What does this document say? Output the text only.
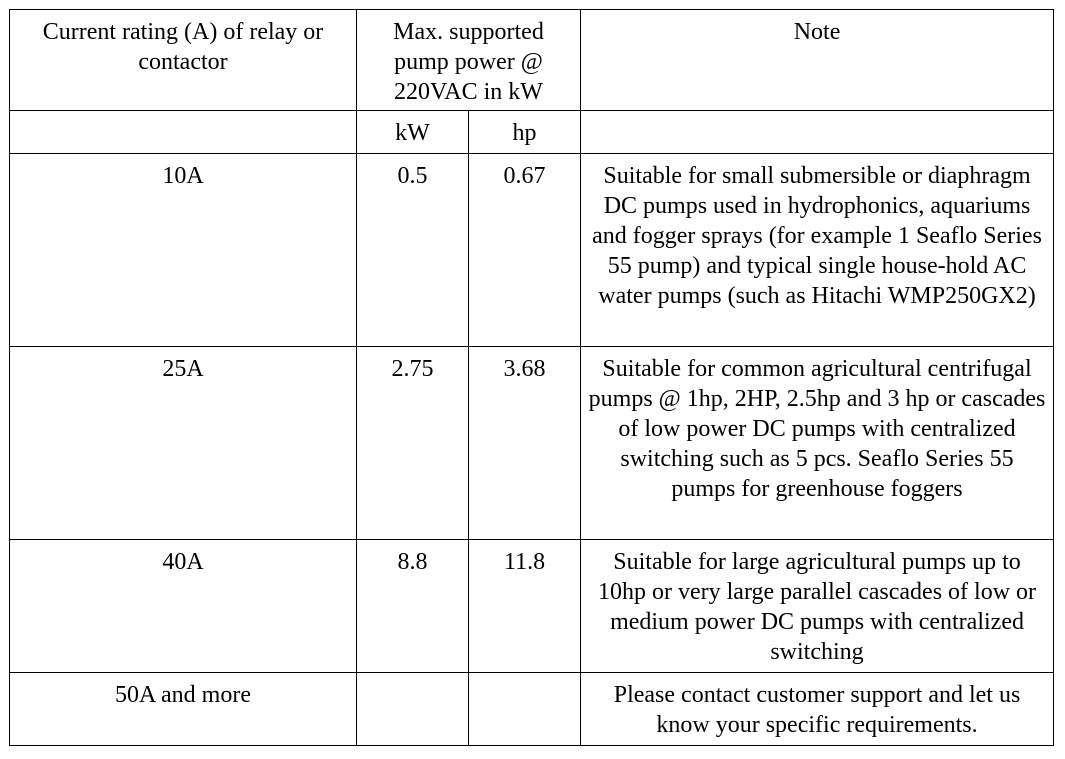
Current rating (A) of relay or contactor	Max. supported pump power @ 220VAC in kW		Note
	kW	hp	
10A	0.5	0.67	Suitable for small submersible or diaphragm DC pumps used in hydrophonics, aquariums and fogger sprays (for example 1 Seaflo Series 55 pump) and typical single house-hold AC water pumps (such as Hitachi WMP250GX2)
25A	2.75	3.68	Suitable for common agricultural centrifugal pumps @ 1hp, 2HP, 2.5hp and 3 hp or cascades of low power DC pumps with centralized switching such as 5 pcs. Seaflo Series 55 pumps for greenhouse foggers
40A	8.8	11.8	Suitable for large agricultural pumps up to 10hp or very large parallel cascades of low or medium power DC pumps with centralized switching
50A and more			Please contact customer support and let us know your specific requirements.
